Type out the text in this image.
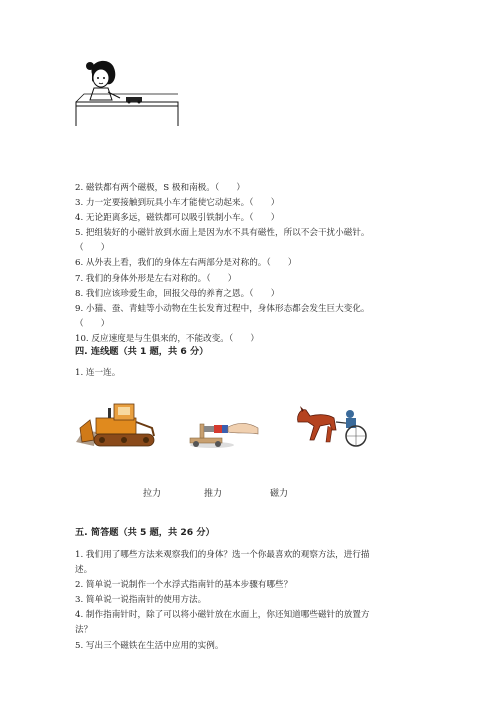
2. 磁铁都有两个磁极，S 极和南极。（　　）
3. 力一定要接触到玩具小车才能使它动起来。（　　）
4. 无论距离多远，磁铁都可以吸引铁制小车。（　　）
5. 把组装好的小磁针放到水面上是因为水不具有磁性，所以不会干扰小磁针。
（　　）
6. 从外表上看，我们的身体左右两部分是对称的。（　　）
7. 我们的身体外形是左右对称的。（　　）
8. 我们应该珍爱生命，回报父母的养育之恩。（　　）
9. 小猫、蚕、青蛙等小动物在生长发育过程中，身体形态都会发生巨大变化。
（　　）
10. 反应速度是与生俱来的，不能改变。（　　）
四. 连线题（共 1 题，共 6 分）
1. 连一连。
拉力	推力	磁力
五. 简答题（共 5 题，共 26 分）
1. 我们用了哪些方法来观察我们的身体？选一个你最喜欢的观察方法，进行描
述。
2. 简单说一说制作一个水浮式指南针的基本步骤有哪些？
3. 简单说一说指南针的使用方法。
4. 制作指南针时，除了可以将小磁针放在水面上，你还知道哪些磁针的放置方
法？
5. 写出三个磁铁在生活中应用的实例。
